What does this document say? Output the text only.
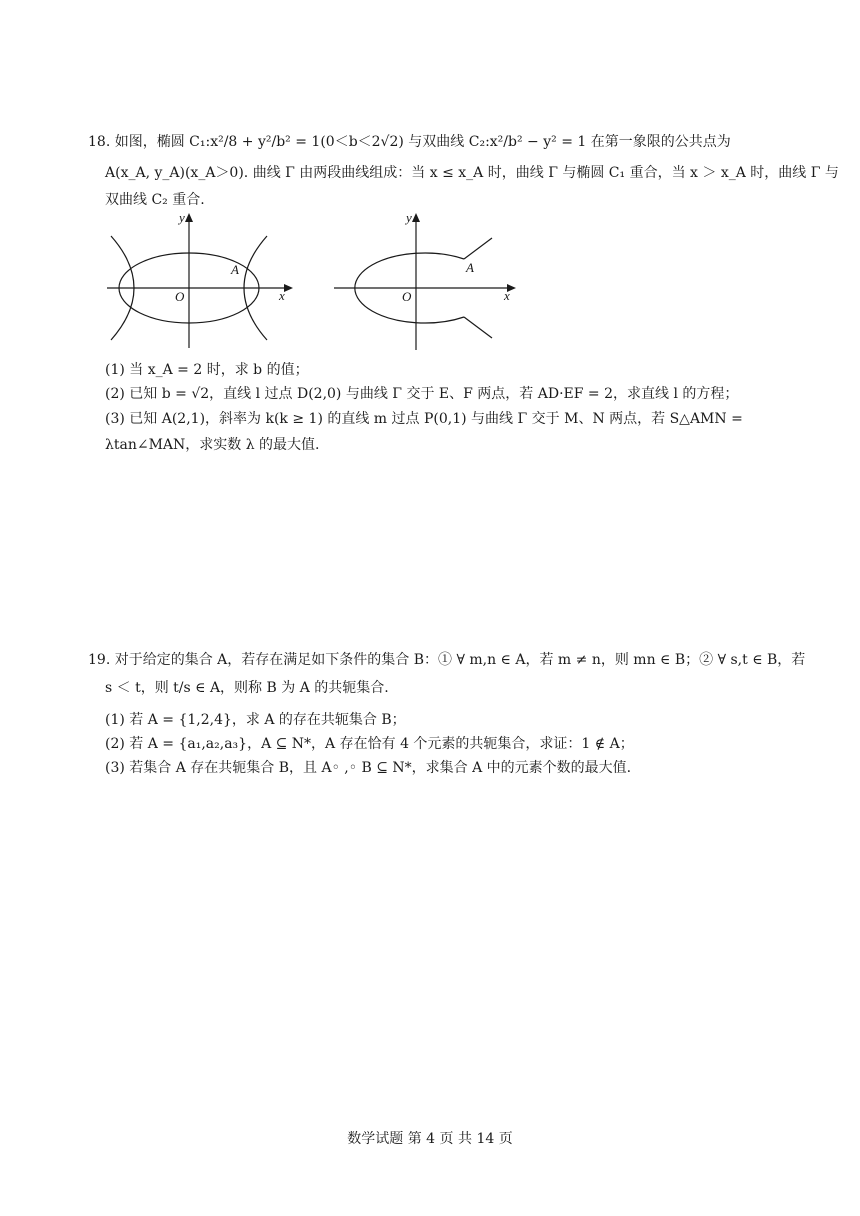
18. 如图，椭圆 C₁:x²/8 + y²/b² = 1(0＜b＜2√2) 与双曲线 C₂:x²/b² − y² = 1 在第一象限的公共点为
A(x_A, y_A)(x_A＞0). 曲线 Γ 由两段曲线组成：当 x ≤ x_A 时，曲线 Γ 与椭圆 C₁ 重合，当 x ＞ x_A 时，曲线 Γ 与
双曲线 C₂ 重合.
y
x
O
A
y
x
O
A
(1) 当 x_A = 2 时，求 b 的值；
(2) 已知 b = √2，直线 l 过点 D(2,0) 与曲线 Γ 交于 E、F 两点，若 AD·EF = 2，求直线 l 的方程；
(3) 已知 A(2,1)，斜率为 k(k ≥ 1) 的直线 m 过点 P(0,1) 与曲线 Γ 交于 M、N 两点，若 S△AMN =
λtan∠MAN，求实数 λ 的最大值.
19. 对于给定的集合 A，若存在满足如下条件的集合 B：① ∀ m,n ∈ A，若 m ≠ n，则 mn ∈ B；② ∀ s,t ∈ B，若
s ＜ t，则 t/s ∈ A，则称 B 为 A 的共轭集合.
(1) 若 A = {1,2,4}，求 A 的存在共轭集合 B；
(2) 若 A = {a₁,a₂,a₃}，A ⊆ N*，A 存在恰有 4 个元素的共轭集合，求证：1 ∉ A；
(3) 若集合 A 存在共轭集合 B，且 A◦ ,◦ B ⊆ N*，求集合 A 中的元素个数的最大值.
数学试题 第 4 页 共 14 页
